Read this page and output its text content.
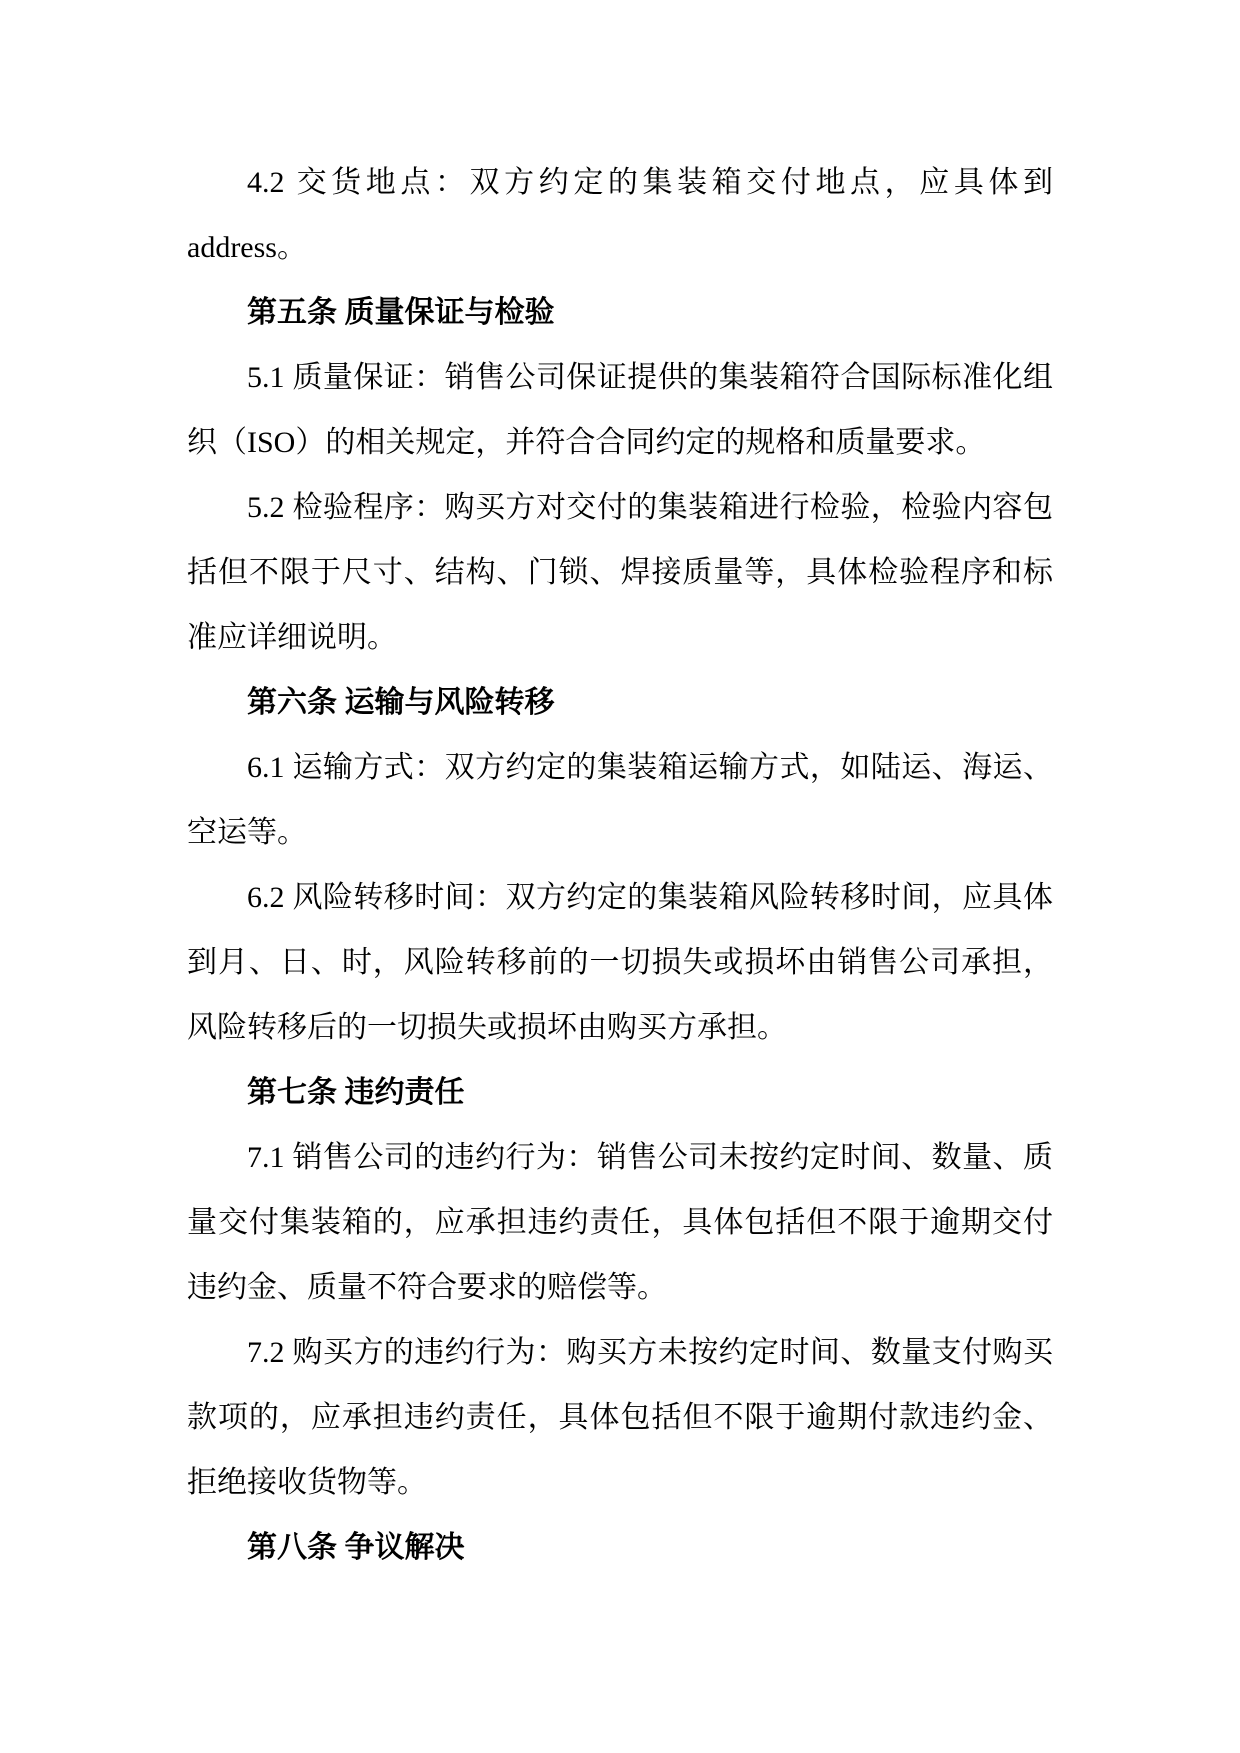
4.2 交货地点：双方约定的集装箱交付地点，应具体到address。

第五条 质量保证与检验

5.1 质量保证：销售公司保证提供的集装箱符合国际标准化组织（ISO）的相关规定，并符合合同约定的规格和质量要求。

5.2 检验程序：购买方对交付的集装箱进行检验，检验内容包括但不限于尺寸、结构、门锁、焊接质量等，具体检验程序和标准应详细说明。

第六条 运输与风险转移

6.1 运输方式：双方约定的集装箱运输方式，如陆运、海运、空运等。

6.2 风险转移时间：双方约定的集装箱风险转移时间，应具体到月、日、时，风险转移前的一切损失或损坏由销售公司承担，风险转移后的一切损失或损坏由购买方承担。

第七条 违约责任

7.1 销售公司的违约行为：销售公司未按约定时间、数量、质量交付集装箱的，应承担违约责任，具体包括但不限于逾期交付违约金、质量不符合要求的赔偿等。

7.2 购买方的违约行为：购买方未按约定时间、数量支付购买款项的，应承担违约责任，具体包括但不限于逾期付款违约金、拒绝接收货物等。

第八条 争议解决
